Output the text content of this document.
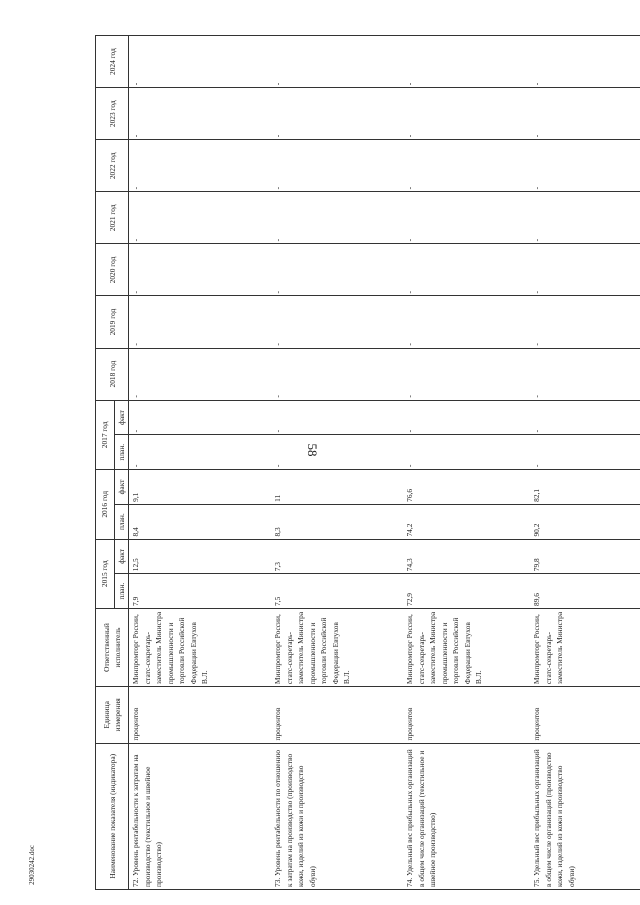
58
Наименование показателя (индикатора)	Единица измерения	Ответственный исполнитель	2015 год		2016 год		2017 год		2018 год	2019 год	2020 год	2021 год	2022 год	2023 год	2024 год
			план.	факт	план.	факт	план.	факт							
72. Уровень рентабельности к затратам на производство (текстильное и швейное производство)	процентов	Минпромторг России, статс-секретарь-заместитель Министра промышленности и торговли Российской Федерации Евтухов В.Л.	7,9	12,5	8,4	9,1	-	-	-	-	-	-	-	-	-
73. Уровень рентабельности по отношению к затратам на производство (производство кожи, изделий из кожи и производство обуви)	процентов	Минпромторг России, статс-секретарь-заместитель Министра промышленности и торговли Российской Федерации Евтухов В.Л.	7,5	7,3	8,3	11	-	-	-	-	-	-	-	-	-
74. Удельный вес прибыльных организаций в общем числе организаций (текстильное и швейное производство)	процентов	Минпромторг России, статс-секретарь-заместитель Министра промышленности и торговли Российской Федерации Евтухов В.Л.	72,9	74,3	74,2	76,6	-	-	-	-	-	-	-	-	-
75. Удельный вес прибыльных организаций в общем числе организаций (производство кожи, изделий из кожи и производство обуви)	процентов	Минпромторг России, статс-секретарь-заместитель Министра	89,6	79,8	90,2	82,1	-	-	-	-	-	-	-	-	-
29030242.doc
